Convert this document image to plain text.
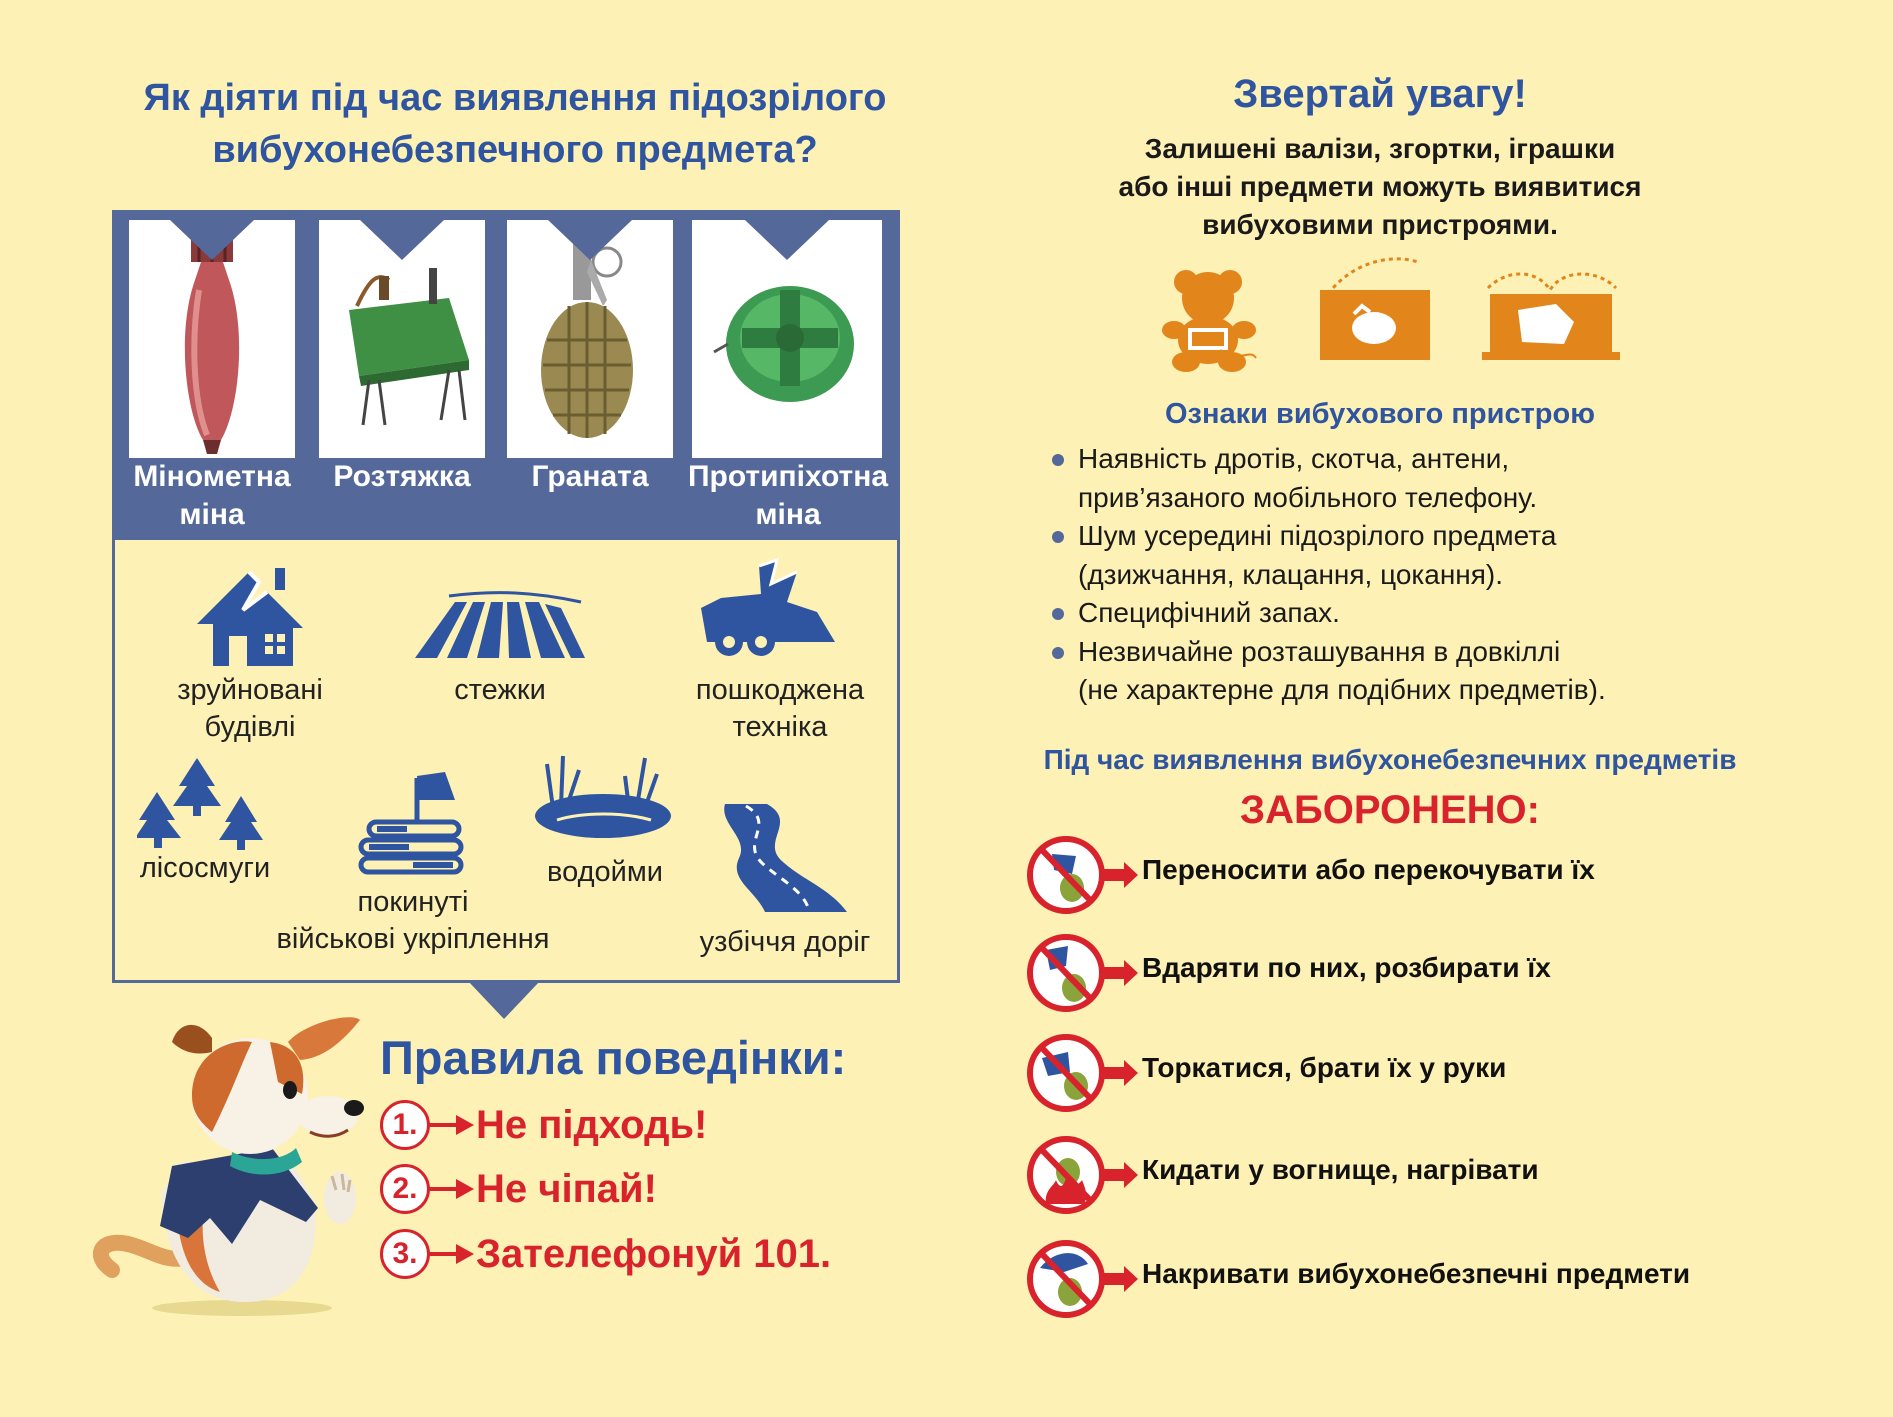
Як діяти під час виявлення підозрілого
вибухонебезпечного предмета?
Мінометна
міна
Розтяжка	Граната	Протипіхотна
міна
зруйновані
будівлі
стежки	пошкоджена
техніка
лісосмуги
покинуті
військові укріплення
водойми
узбіччя доріг
Правила поведінки:
1.	Не підходь!
2.	Не чіпай!
3.	Зателефонуй 101.
Звертай увагу!
Залишені валізи, згортки, іграшки
або інші предмети можуть виявитися
вибуховими пристроями.
Ознаки вибухового пристрою
Наявність дротів, скотча, антени,
прив’язаного мобільного телефону.
Шум усередині підозрілого предмета
(дзижчання, клацання, цокання).
Специфічний запах.
Незвичайне розташування в довкіллі
(не характерне для подібних предметів).
Під час виявлення вибухонебезпечних предметів
ЗАБОРОНЕНО:
Переносити або перекочувати їх
Вдаряти по них, розбирати їх
Торкатися, брати їх у руки
Кидати у вогнище, нагрівати
Накривати вибухонебезпечні предмети
